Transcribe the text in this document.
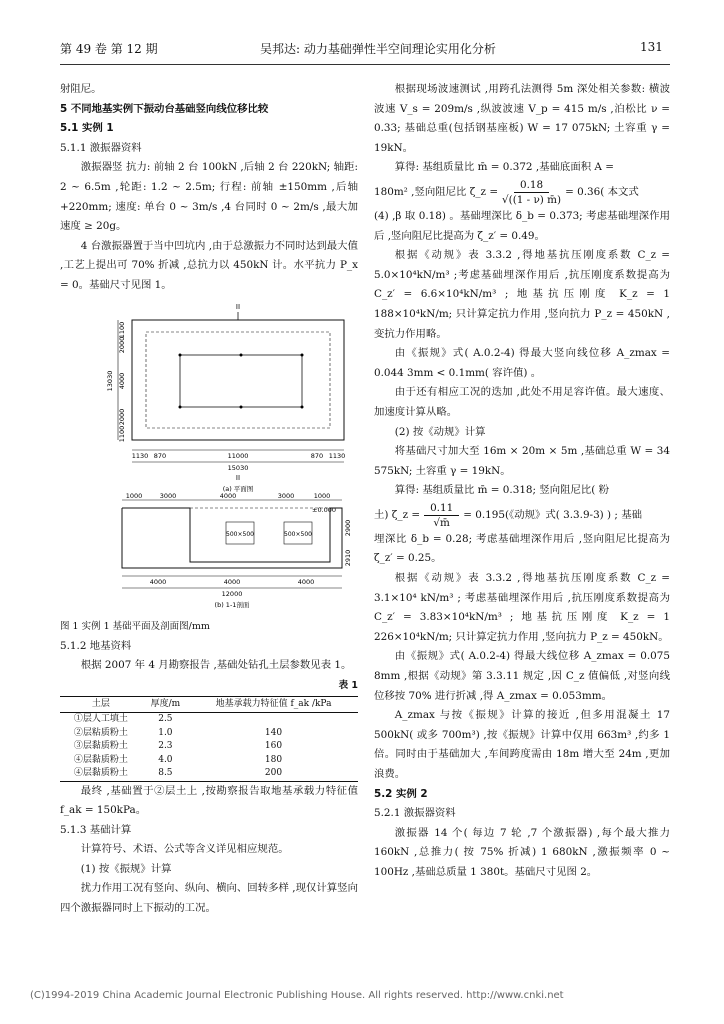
第 49 卷 第 12 期	吴邦达: 动力基础弹性半空间理论实用化分析	131

射阻尼。

5 不同地基实例下振动台基础竖向线位移比较

5.1 实例 1

5.1.1 激振器资料

激振器竖 抗力: 前轴 2 台 100kN ,后轴 2 台 220kN; 轴距: 2 ~ 6.5m ,轮距: 1.2 ~ 2.5m; 行程: 前轴 ±150mm ,后轴 +220mm; 速度: 单台 0 ~ 3m/s ,4 台同时 0 ~ 2m/s ,最大加速度 ≥ 20g。

4 台激振器置于当中凹坑内 ,由于总激振力不同时达到最大值 ,工艺上提出可 70% 折减 ,总抗力以 450kN 计。水平抗力 P_x = 0。基础尺寸见图 1。

II
1100
2000
4000
2000
1100
13030
1130 870	11000	870 1130
15030
II
(a) 平面图
1000	3000	4000	3000	1000
±0.000
500×500	500×500	2900
2910
4000	4000	4000
12000
(b) 1-1剖面

图 1 实例 1 基础平面及剖面图/mm

5.1.2 地基资料

根据 2007 年 4 月勘察报告 ,基础处钻孔土层参数见表 1。

表 1
土层	厚度/m	地基承载力特征值 f_ak /kPa
①层人工填土	2.5	
②层粘质粉土	1.0	140
③层黏质粉土	2.3	160
④层黏质粉土	4.0	180
④层黏质粉土	8.5	200

最终 ,基础置于②层土上 ,按勘察报告取地基承载力特征值 f_ak = 150kPa。

5.1.3 基础计算

计算符号、术语、公式等含义详见相应规范。

(1) 按《振规》计算

扰力作用工况有竖向、纵向、横向、回转多样 ,现仅计算竖向四个激振器同时上下振动的工况。

根据现场波速测试 ,用跨孔法测得 5m 深处相关参数: 横波波速 V_s = 209m/s ,纵波波速 V_p = 415 m/s ,泊松比 ν = 0.33; 基础总重(包括钢基座板) W = 17 075kN; 土容重 γ = 19kN。

算得: 基组质量比 m̄ = 0.372 ,基础底面积 A =

180m² ,竖向阻尼比 ζ_z = $\frac{0.18}{√((1 - \nu) m̄)} = 0.36$( 本文式

(4) ,β 取 0.18) 。基础埋深比 δ_b = 0.373; 考虑基础埋深作用后 ,竖向阻尼比提高为 ζ_z′ = 0.49。

根据《动规》表 3.3.2 ,得地基抗压刚度系数 C_z = 5.0×10⁴kN/m³ ;考虑基础埋深作用后 ,抗压刚度系数提高为 C_z′ = 6.6×10⁴kN/m³ ; 地基抗压刚度 K_z = 1 188×10⁴kN/m; 只计算定抗力作用 ,竖向抗力 P_z = 450kN ,变抗力作用略。

由《振规》式( A.0.2-4) 得最大竖向线位移 A_zmax = 0.044 3mm < 0.1mm( 容许值) 。

由于还有相应工况的迭加 ,此处不用足容许值。最大速度、加速度计算从略。

(2) 按《动规》计算

将基础尺寸加大至 16m × 20m × 5m ,基础总重 W = 34 575kN; 土容重 γ = 19kN。

算得: 基组质量比 m̄ = 0.318; 竖向阻尼比( 粉

土) ζ_z = $\frac{0.11}{√m̄} = 0.195$(《动规》式( 3.3.9-3) ) ; 基础

埋深比 δ_b = 0.28; 考虑基础埋深作用后 ,竖向阻尼比提高为 ζ_z′ = 0.25。

根据《动规》表 3.3.2 ,得地基抗压刚度系数 C_z = 3.1×10⁴ kN/m³ ; 考虑基础埋深作用后 ,抗压刚度系数提高为 C_z′ = 3.83×10⁴kN/m³ ; 地基抗压刚度 K_z = 1 226×10⁴kN/m; 只计算定抗力作用 ,竖向抗力 P_z = 450kN。

由《振规》式( A.0.2-4) 得最大线位移 A_zmax = 0.075 8mm ,根据《动规》第 3.3.11 规定 ,因 C_z 值偏低 ,对竖向线位移按 70% 进行折减 ,得 A_zmax = 0.053mm。

A_zmax 与按《振规》计算的接近 ,但多用混凝土 17 500kN( 或多 700m³) ,按《振规》计算中仅用 663m³ ,约多 1 倍。同时由于基础加大 ,车间跨度需由 18m 增大至 24m ,更加浪费。

5.2 实例 2

5.2.1 激振器资料

激振器 14 个( 每边 7 轮 ,7 个激振器) ,每个最大推力 160kN ,总推力( 按 75% 折减) 1 680kN ,激振频率 0 ~ 100Hz ,基础总质量 1 380t。基础尺寸见图 2。

(C)1994-2019 China Academic Journal Electronic Publishing House. All rights reserved. http://www.cnki.net
